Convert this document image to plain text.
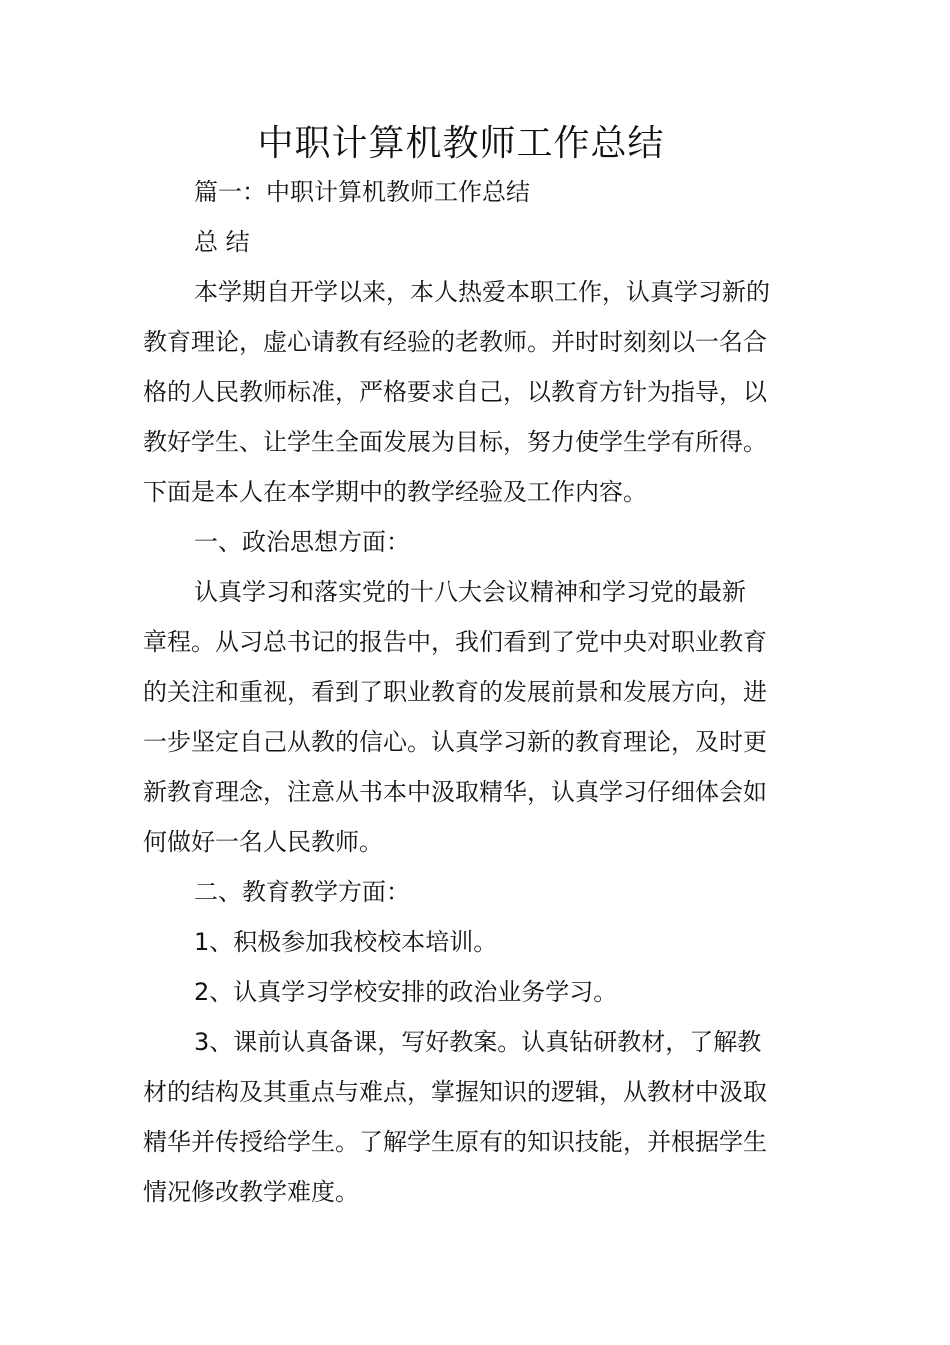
中职计算机教师工作总结

篇一：中职计算机教师工作总结

总 结

本学期自开学以来，本人热爱本职工作，认真学习新的

教育理论，虚心请教有经验的老教师。并时时刻刻以一名合

格的人民教师标准，严格要求自己，以教育方针为指导，以

教好学生、让学生全面发展为目标，努力使学生学有所得。

下面是本人在本学期中的教学经验及工作内容。

一、政治思想方面：

认真学习和落实党的十八大会议精神和学习党的最新

章程。从习总书记的报告中，我们看到了党中央对职业教育

的关注和重视，看到了职业教育的发展前景和发展方向，进

一步坚定自己从教的信心。认真学习新的教育理论，及时更

新教育理念，注意从书本中汲取精华，认真学习仔细体会如

何做好一名人民教师。

二、教育教学方面：

1、积极参加我校校本培训。

2、认真学习学校安排的政治业务学习。

3、课前认真备课，写好教案。认真钻研教材，了解教

材的结构及其重点与难点，掌握知识的逻辑，从教材中汲取

精华并传授给学生。了解学生原有的知识技能，并根据学生

情况修改教学难度。
